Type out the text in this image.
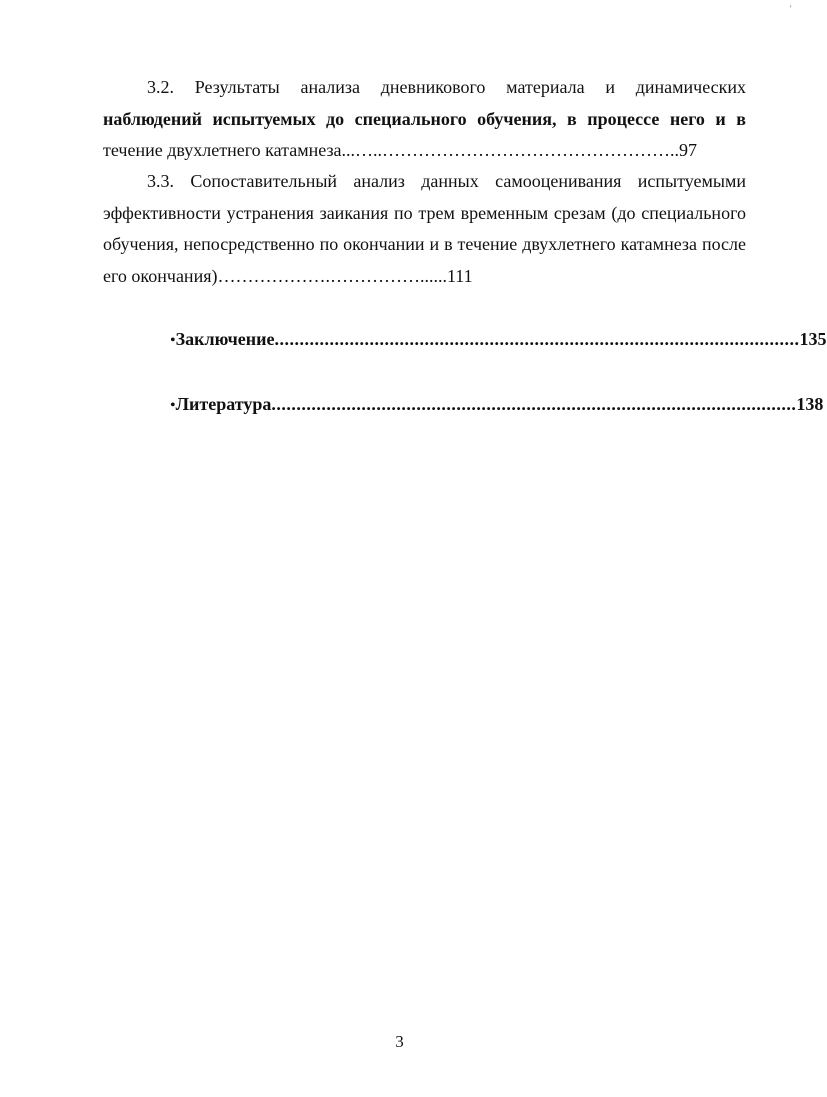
'
3.2. Результаты анализа дневникового материала и динамических наблюдений испытуемых до специального обучения, в процессе него и в течение двухлетнего катамнеза...…..…………………………………………..97
3.3. Сопоставительный анализ данных самооценивания испытуемыми эффективности устранения заикания по трем временным срезам (до специального обучения, непосредственно по окончании и в течение двухлетнего катамнеза после его окончания)……………….……………......111
• Заключение ......................................................................................................... 135
• Литература ......................................................................................................... 138
3
